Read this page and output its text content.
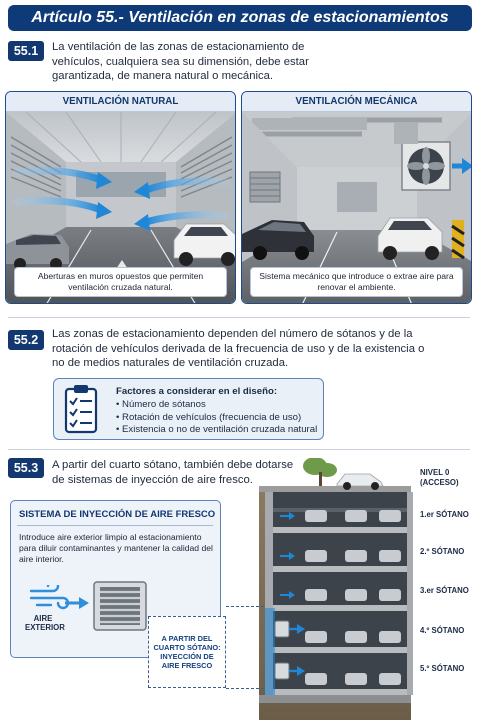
Artículo 55.- Ventilación en zonas de estacionamientos
55.1	La ventilación de las zonas de estacionamiento de vehículos, cualquiera sea su dimensión, debe estar garantizada, de manera natural o mecánica.
VENTILACIÓN NATURAL
Aberturas en muros opuestos que permiten ventilación cruzada natural.
VENTILACIÓN MECÁNICA
Sistema mecánico que introduce o extrae aire para renovar el ambiente.
55.2	Las zonas de estacionamiento dependen del número de sótanos y de la rotación de vehículos derivada de la frecuencia de uso y de la existencia o no de medios naturales de ventilación cruzada.
Factores a considerar en el diseño:
• Número de sótanos
• Rotación de vehículos (frecuencia de uso)
• Existencia o no de ventilación cruzada natural
55.3	A partir del cuarto sótano, también debe dotarse de sistemas de inyección de aire fresco.
SISTEMA DE INYECCIÓN DE AIRE FRESCO
Introduce aire exterior limpio al estacionamiento para diluir contaminantes y mantener la calidad del aire interior.
AIRE EXTERIOR
NIVEL 0 (ACCESO)
1.er SÓTANO
2.º SÓTANO
3.er SÓTANO
4.º SÓTANO
5.º SÓTANO
A PARTIR DEL CUARTO SÓTANO: INYECCIÓN DE AIRE FRESCO
